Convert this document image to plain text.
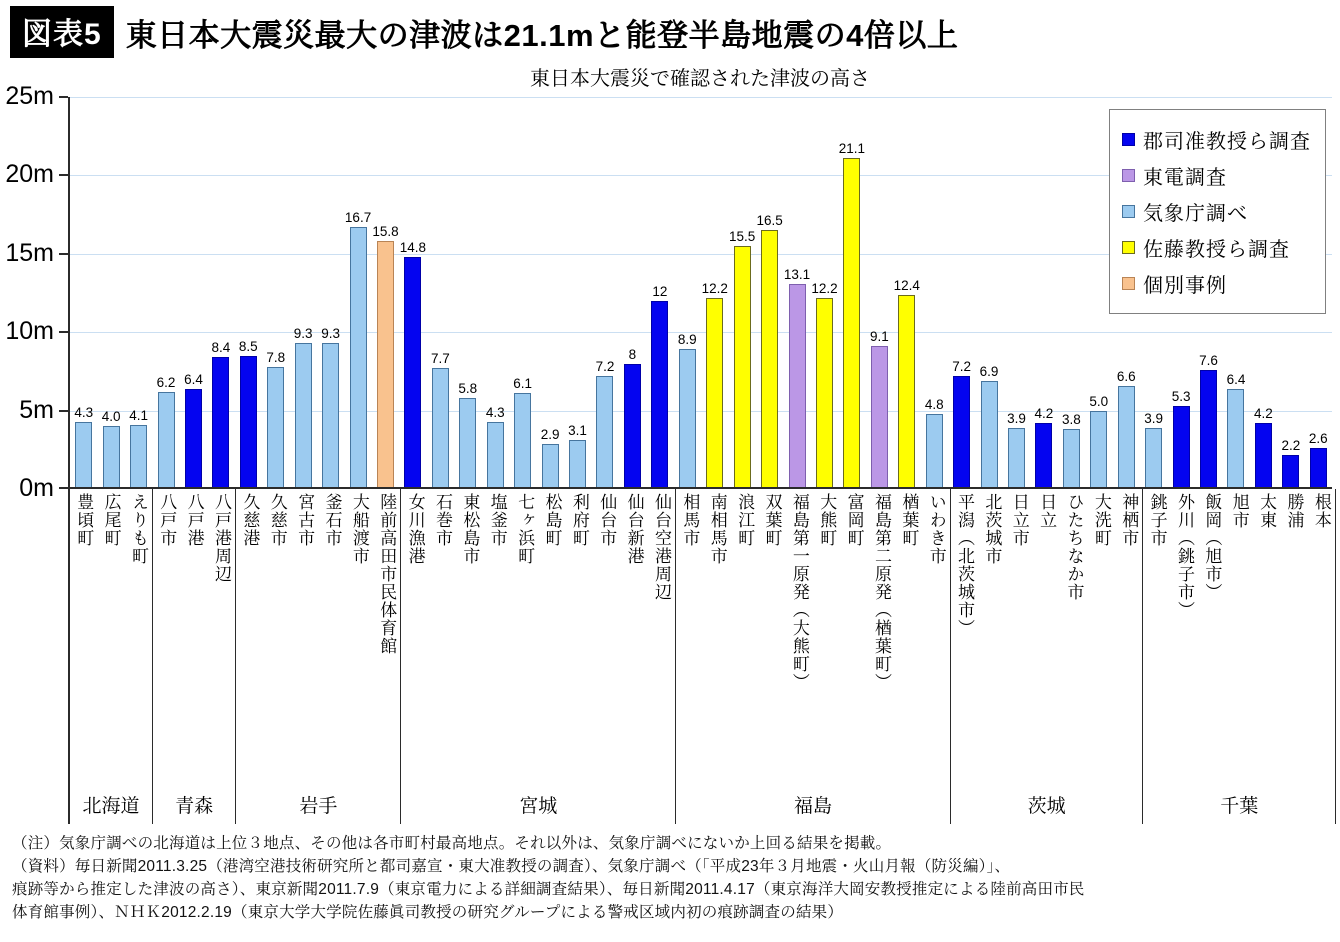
図表5 東日本大震災最大の津波は21.1mと能登半島地震の4倍以上
東日本大震災で確認された津波の高さ
0m
5m
10m
15m
20m
25m
4.3 4.0 4.1
6.2 6.4
8.4 8.5
7.8
9.3 9.3
16.7
15.8
14.8
7.7
5.8
4.3
6.1
2.9 3.1
7.2
8
12
8.9
12.2
15.5
16.5
13.1
12.2
21.1
9.1
12.4
4.8
7.2 6.9
3.9 4.2 3.8
5.0
6.6
3.9
5.3
7.6
6.4
4.2
2.2 2.6
郡司准教授ら調査
東電調査
気象庁調べ
佐藤教授ら調査
個別事例
豊頃町 広尾町 えりも町
北海道
八戸市 八戸港 八戸港周辺
青森
久慈港 久慈市 宮古市 釜石市 大船渡市 陸前高田市民体育館
岩手
女川漁港 石巻市 東松島市 塩釜市 七ヶ浜町 松島町 利府町 仙台市 仙台新港 仙台空港周辺
宮城
相馬市 南相馬市 浪江町 双葉町 福島第一原発（大熊町） 大熊町 富岡町 福島第二原発（楢葉町） 楢葉町 いわき市
福島
平潟（北茨城市） 北茨城市 日立市 日立 ひたちなか市 大洗町 神栖市
茨城
銚子市 外川（銚子市） 飯岡（旭市） 旭市 太東 勝浦 根本
千葉
（注）気象庁調べの北海道は上位３地点、その他は各市町村最高地点。それ以外は、気象庁調べにないか上回る結果を掲載。
（資料）毎日新聞2011.3.25（港湾空港技術研究所と都司嘉宣・東大准教授の調査）、気象庁調べ（「平成23年３月地震・火山月報（防災編）」、
痕跡等から推定した津波の高さ）、東京新聞2011.7.9（東京電力による詳細調査結果）、毎日新聞2011.4.17（東京海洋大岡安教授推定による陸前高田市民
体育館事例）、ＮＨＫ2012.2.19（東京大学大学院佐藤眞司教授の研究グループによる警戒区域内初の痕跡調査の結果）
